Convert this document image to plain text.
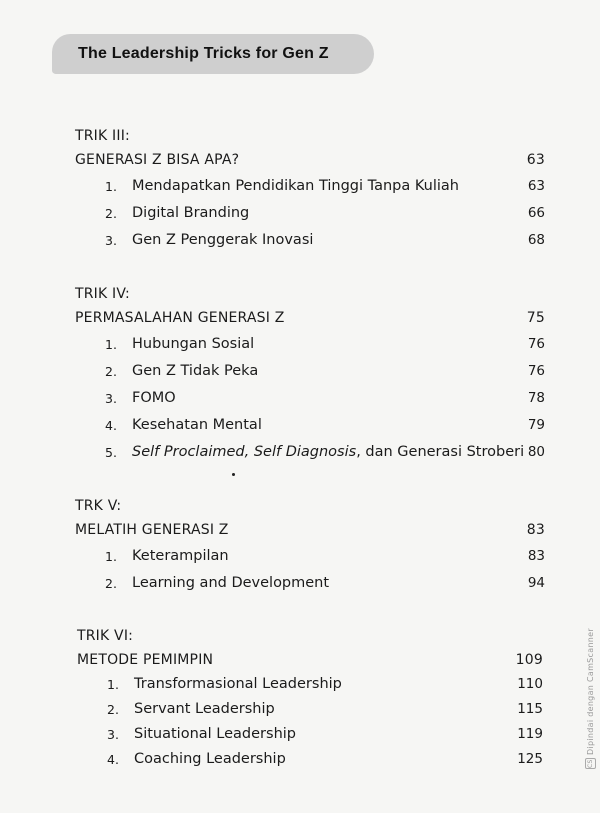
The Leadership Tricks for Gen Z
TRIK III:
GENERASI Z BISA APA?	63
1. Mendapatkan Pendidikan Tinggi Tanpa Kuliah	63
2. Digital Branding	66
3. Gen Z Penggerak Inovasi	68
TRIK IV:
PERMASALAHAN GENERASI Z	75
1. Hubungan Sosial	76
2. Gen Z Tidak Peka	76
3. FOMO	78
4. Kesehatan Mental	79
5. Self Proclaimed, Self Diagnosis, dan Generasi Stroberi 80
TRK V:
MELATIH GENERASI Z	83
1. Keterampilan	83
2. Learning and Development	94
TRIK VI:
METODE PEMIMPIN	109
1. Transformasional Leadership	110
2. Servant Leadership	115
3. Situational Leadership	119
4. Coaching Leadership	125	CS
Dipindai dengan CamScanner
